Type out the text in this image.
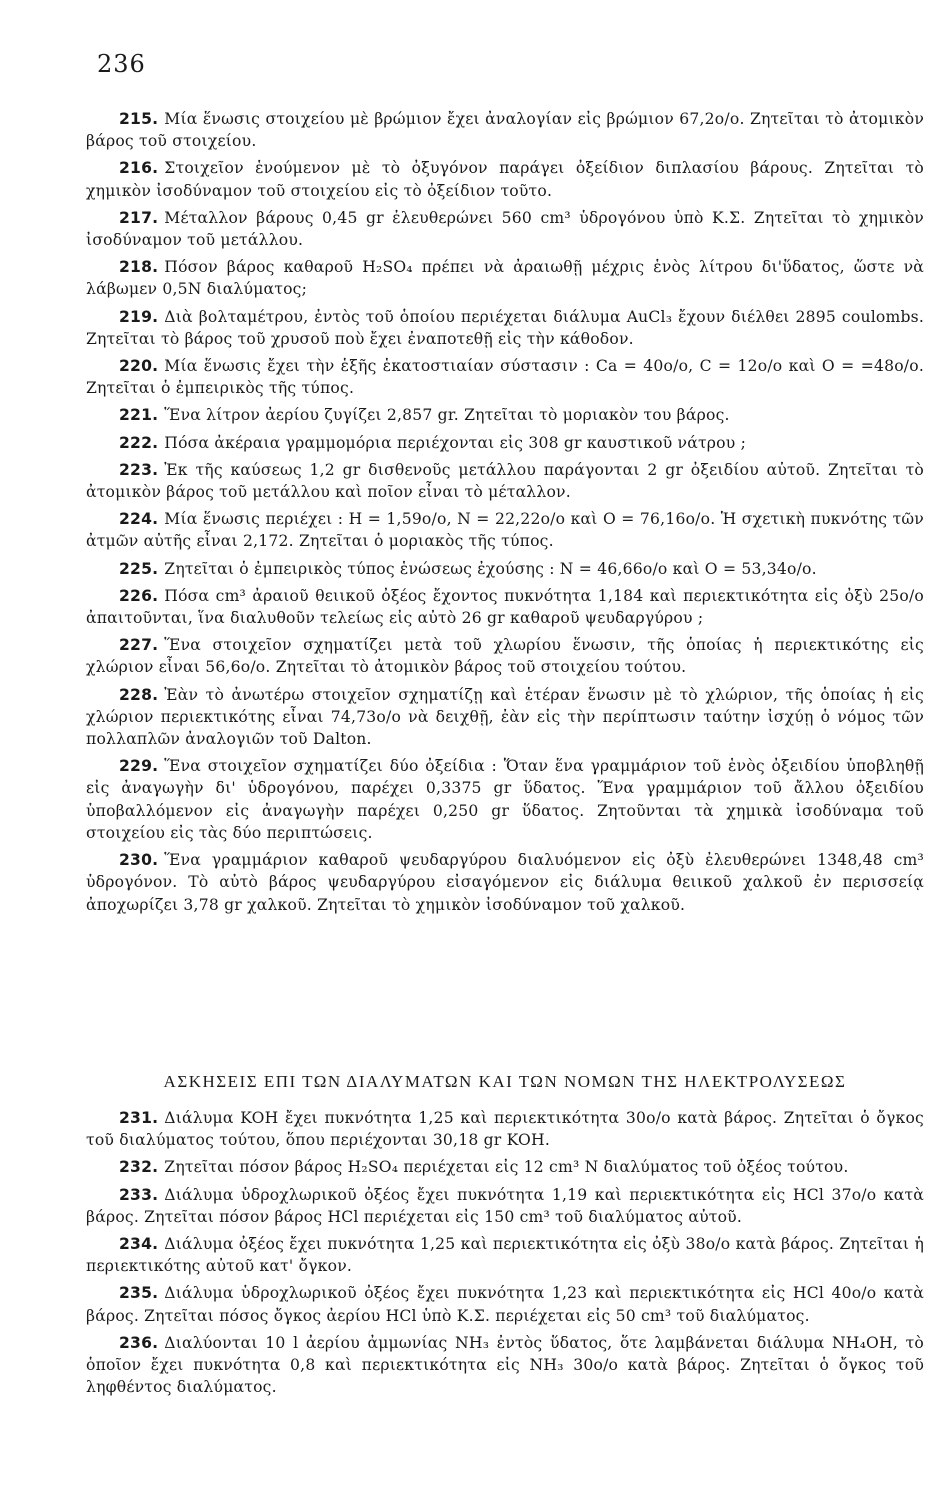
236

215. Μία ἕνωσις στοιχείου μὲ βρώμιον ἔχει ἀναλογίαν εἰς βρώμιον 67,2ο/ο. Ζητεῖται τὸ ἀτομικὸν βάρος τοῦ στοιχείου.

216. Στοιχεῖον ἑνούμενον μὲ τὸ ὀξυγόνον παράγει ὀξείδιον διπλασίου βάρους. Ζητεῖται τὸ χημικὸν ἰσοδύναμον τοῦ στοιχείου εἰς τὸ ὀξείδιον τοῦτο.

217. Μέταλλον βάρους 0,45 gr ἐλευθερώνει 560 cm³ ὑδρογόνου ὑπὸ Κ.Σ. Ζητεῖται τὸ χημικὸν ἰσοδύναμον τοῦ μετάλλου.

218. Πόσον βάρος καθαροῦ H₂SO₄ πρέπει νὰ ἀραιωθῇ μέχρις ἑνὸς λίτρου δι'ὕδατος, ὥστε νὰ λάβωμεν 0,5N διαλύματος;

219. Διὰ βολταμέτρου, ἐντὸς τοῦ ὁποίου περιέχεται διάλυμα AuCl₃ ἔχουν διέλθει 2895 coulombs. Ζητεῖται τὸ βάρος τοῦ χρυσοῦ ποὺ ἔχει ἐναποτεθῇ εἰς τὴν κάθοδον.

220. Μία ἕνωσις ἔχει τὴν ἑξῆς ἑκατοστιαίαν σύστασιν : Ca = 40ο/ο, C = 12ο/ο καὶ O = =48ο/ο. Ζητεῖται ὁ ἐμπειρικὸς τῆς τύπος.

221. Ἕνα λίτρον ἀερίου ζυγίζει 2,857 gr. Ζητεῖται τὸ μοριακὸν του βάρος.

222. Πόσα ἀκέραια γραμμομόρια περιέχονται εἰς 308 gr καυστικοῦ νάτρου ;

223. Ἐκ τῆς καύσεως 1,2 gr δισθενοῦς μετάλλου παράγονται 2 gr ὀξειδίου αὐτοῦ. Ζητεῖται τὸ ἀτομικὸν βάρος τοῦ μετάλλου καὶ ποῖον εἶναι τὸ μέταλλον.

224. Μία ἕνωσις περιέχει : H = 1,59ο/ο, N = 22,22ο/ο καὶ O = 76,16ο/ο. Ἡ σχετικὴ πυκνότης τῶν ἀτμῶν αὐτῆς εἶναι 2,172. Ζητεῖται ὁ μοριακὸς τῆς τύπος.

225. Ζητεῖται ὁ ἐμπειρικὸς τύπος ἑνώσεως ἐχούσης : N = 46,66ο/ο καὶ O = 53,34ο/ο.

226. Πόσα cm³ ἀραιοῦ θειικοῦ ὀξέος ἔχοντος πυκνότητα 1,184 καὶ περιεκτικότητα εἰς ὀξὺ 25ο/ο ἀπαιτοῦνται, ἵνα διαλυθοῦν τελείως εἰς αὐτὸ 26 gr καθαροῦ ψευδαργύρου ;

227. Ἕνα στοιχεῖον σχηματίζει μετὰ τοῦ χλωρίου ἕνωσιν, τῆς ὁποίας ἡ περιεκτικότης εἰς χλώριον εἶναι 56,6ο/ο. Ζητεῖται τὸ ἀτομικὸν βάρος τοῦ στοιχείου τούτου.

228. Ἐὰν τὸ ἀνωτέρω στοιχεῖον σχηματίζῃ καὶ ἑτέραν ἕνωσιν μὲ τὸ χλώριον, τῆς ὁποίας ἡ εἰς χλώριον περιεκτικότης εἶναι 74,73ο/ο νὰ δειχθῇ, ἐὰν εἰς τὴν περίπτωσιν ταύτην ἰσχύῃ ὁ νόμος τῶν πολλαπλῶν ἀναλογιῶν τοῦ Dalton.

229. Ἕνα στοιχεῖον σχηματίζει δύο ὀξείδια : Ὅταν ἕνα γραμμάριον τοῦ ἑνὸς ὀξειδίου ὑποβληθῇ εἰς ἀναγωγὴν δι' ὑδρογόνου, παρέχει 0,3375 gr ὕδατος. Ἕνα γραμμάριον τοῦ ἄλλου ὀξειδίου ὑποβαλλόμενον εἰς ἀναγωγὴν παρέχει 0,250 gr ὕδατος. Ζητοῦνται τὰ χημικὰ ἰσοδύναμα τοῦ στοιχείου εἰς τὰς δύο περιπτώσεις.

230. Ἕνα γραμμάριον καθαροῦ ψευδαργύρου διαλυόμενον εἰς ὀξὺ ἐλευθερώνει 1348,48 cm³ ὑδρογόνον. Τὸ αὐτὸ βάρος ψευδαργύρου εἰσαγόμενον εἰς διάλυμα θειικοῦ χαλκοῦ ἐν περισσείᾳ ἀποχωρίζει 3,78 gr χαλκοῦ. Ζητεῖται τὸ χημικὸν ἰσοδύναμον τοῦ χαλκοῦ.

ΑΣΚΗΣΕΙΣ ΕΠΙ ΤΩΝ ΔΙΑΛΥΜΑΤΩΝ ΚΑΙ ΤΩΝ ΝΟΜΩΝ ΤΗΣ ΗΛΕΚΤΡΟΛΥΣΕΩΣ

231. Διάλυμα KOH ἔχει πυκνότητα 1,25 καὶ περιεκτικότητα 30ο/ο κατὰ βάρος. Ζητεῖται ὁ ὄγκος τοῦ διαλύματος τούτου, ὅπου περιέχονται 30,18 gr KOH.

232. Ζητεῖται πόσον βάρος H₂SO₄ περιέχεται εἰς 12 cm³ N διαλύματος τοῦ ὀξέος τούτου.

233. Διάλυμα ὑδροχλωρικοῦ ὀξέος ἔχει πυκνότητα 1,19 καὶ περιεκτικότητα εἰς HCl 37ο/ο κατὰ βάρος. Ζητεῖται πόσον βάρος HCl περιέχεται εἰς 150 cm³ τοῦ διαλύματος αὐτοῦ.

234. Διάλυμα ὀξέος ἔχει πυκνότητα 1,25 καὶ περιεκτικότητα εἰς ὀξὺ 38ο/ο κατὰ βάρος. Ζητεῖται ἡ περιεκτικότης αὐτοῦ κατ' ὄγκον.

235. Διάλυμα ὑδροχλωρικοῦ ὀξέος ἔχει πυκνότητα 1,23 καὶ περιεκτικότητα εἰς HCl 40ο/ο κατὰ βάρος. Ζητεῖται πόσος ὄγκος ἀερίου HCl ὑπὸ Κ.Σ. περιέχεται εἰς 50 cm³ τοῦ διαλύματος.

236. Διαλύονται 10 l ἀερίου ἀμμωνίας NH₃ ἐντὸς ὕδατος, ὅτε λαμβάνεται διάλυμα NH₄OH, τὸ ὁποῖον ἔχει πυκνότητα 0,8 καὶ περιεκτικότητα εἰς NH₃ 30ο/ο κατὰ βάρος. Ζητεῖται ὁ ὄγκος τοῦ ληφθέντος διαλύματος.
